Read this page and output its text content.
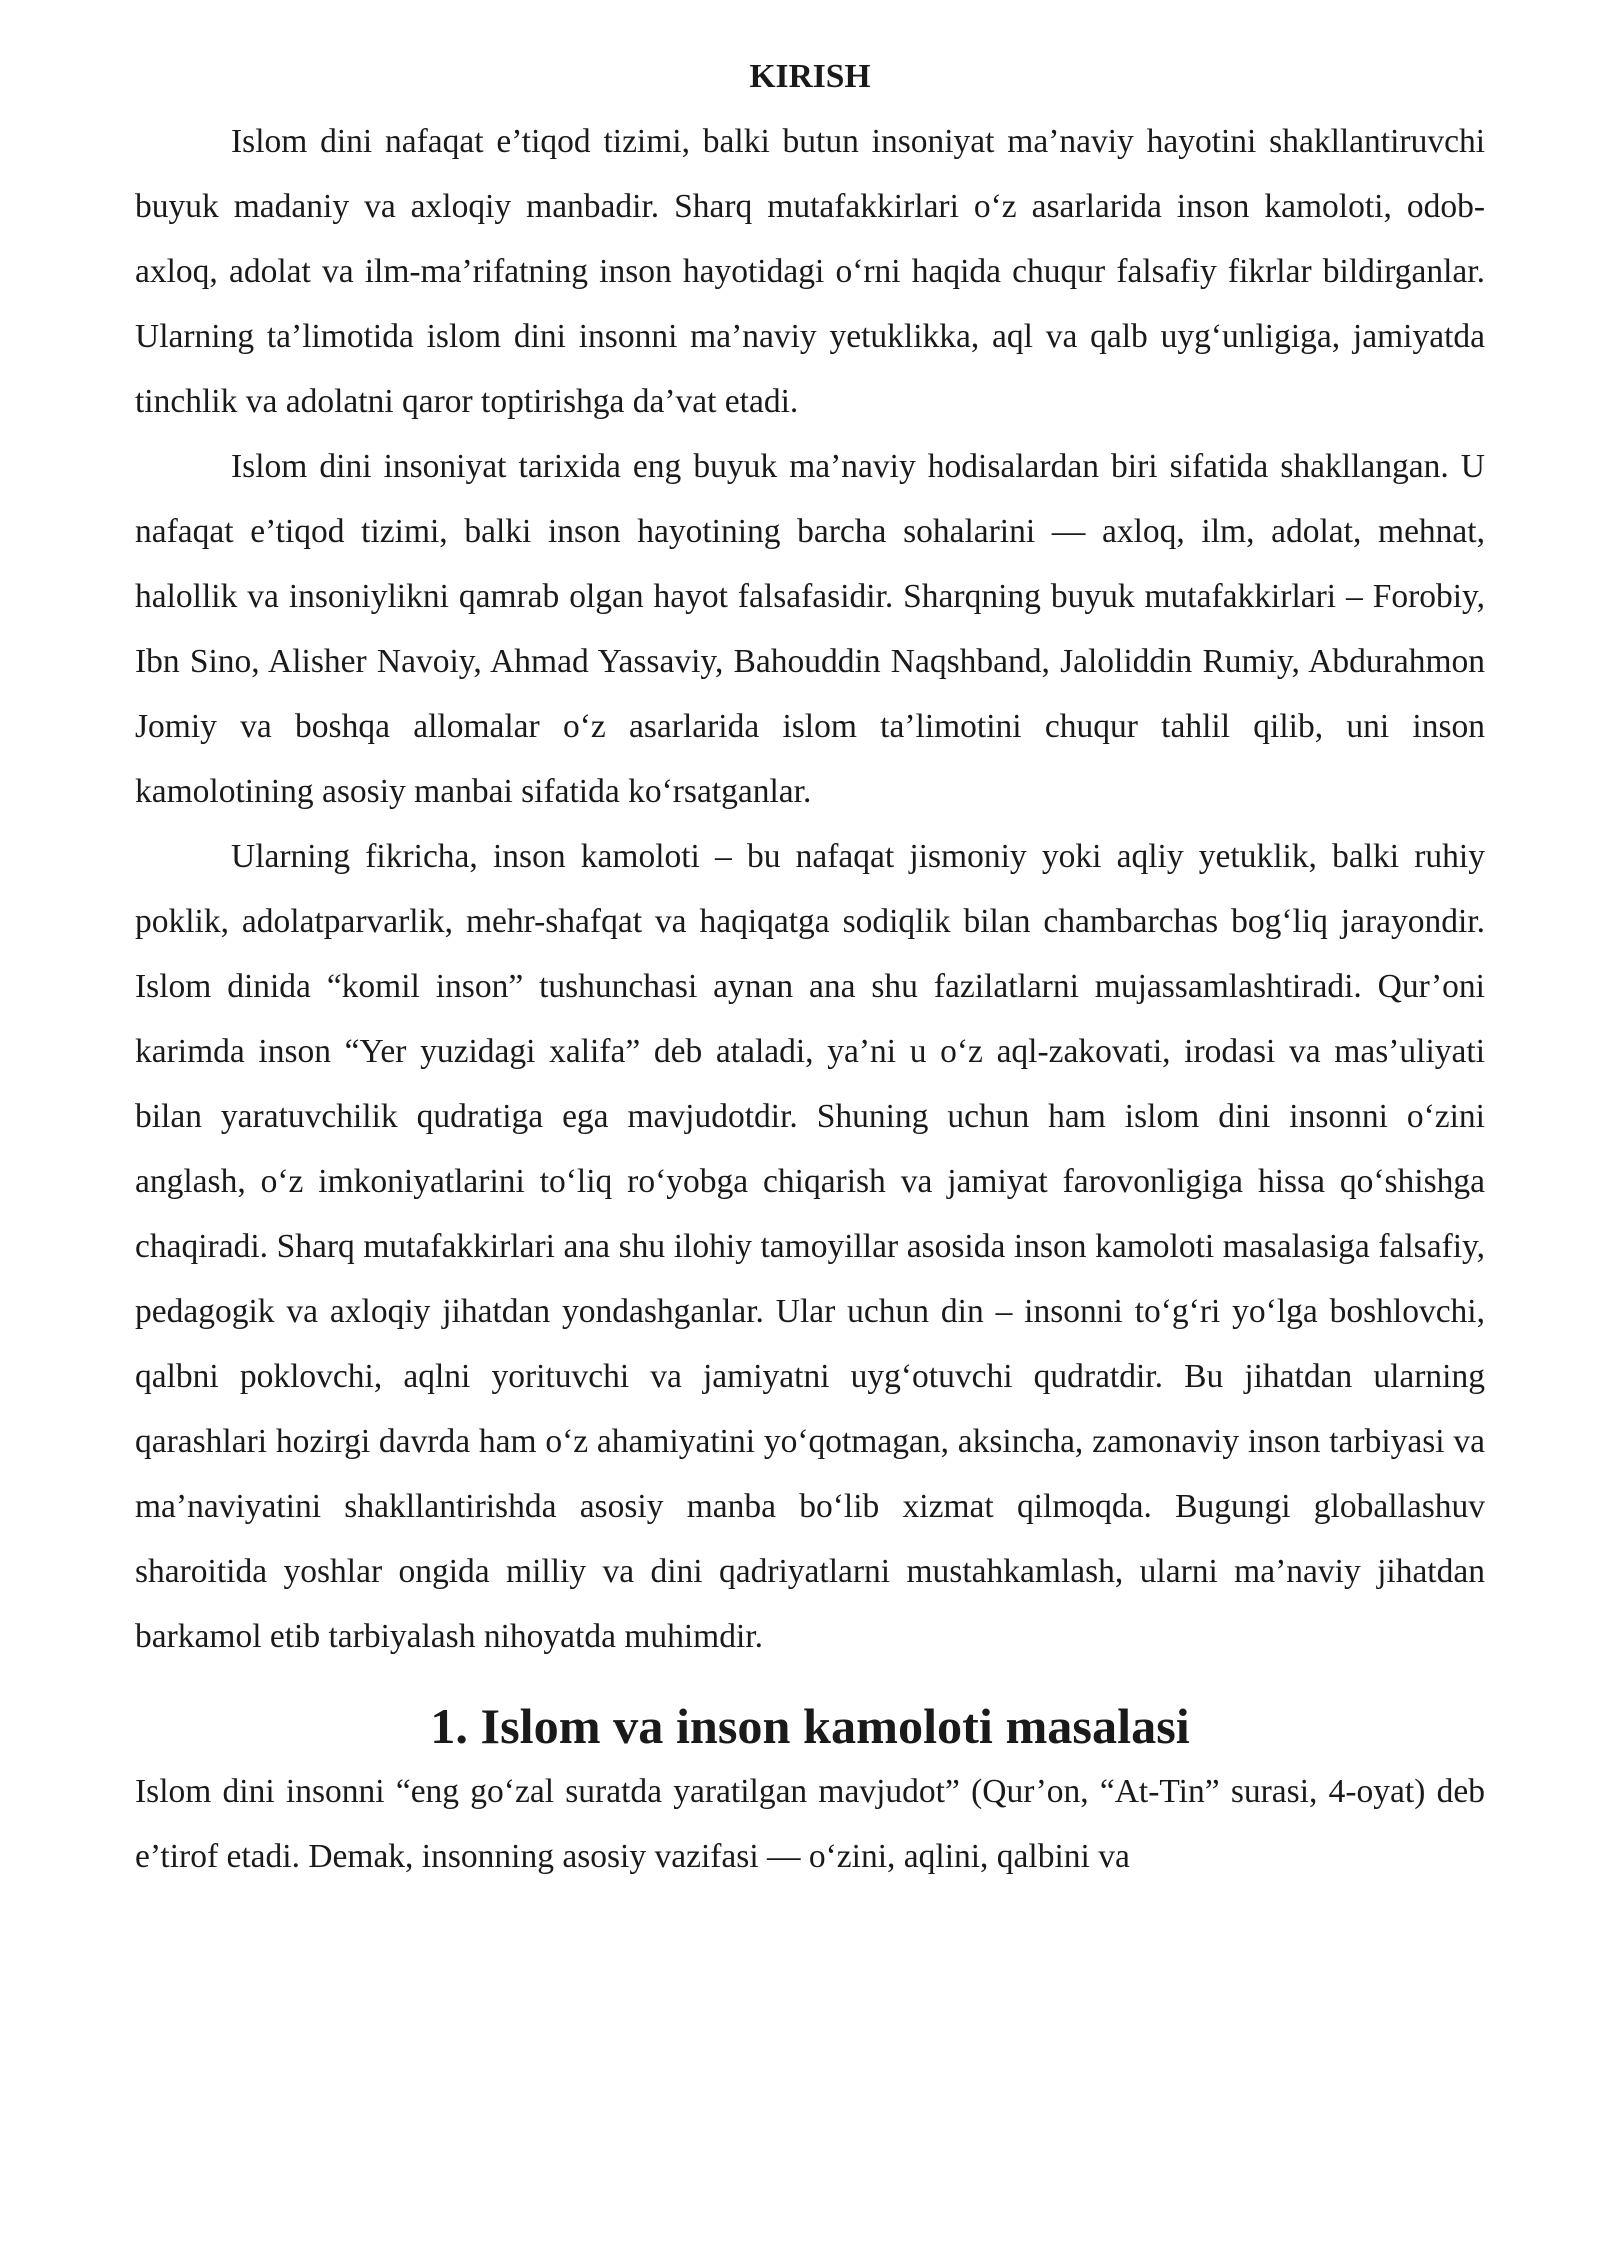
KIRISH

Islom dini nafaqat e’tiqod tizimi, balki butun insoniyat ma’naviy hayotini shakllantiruvchi buyuk madaniy va axloqiy manbadir. Sharq mutafakkirlari o‘z asarlarida inson kamoloti, odob-axloq, adolat va ilm-ma’rifatning inson hayotidagi o‘rni haqida chuqur falsafiy fikrlar bildirganlar. Ularning ta’limotida islom dini insonni ma’naviy yetuklikka, aql va qalb uyg‘unligiga, jamiyatda tinchlik va adolatni qaror toptirishga da’vat etadi.

Islom dini insoniyat tarixida eng buyuk ma’naviy hodisalardan biri sifatida shakllangan. U nafaqat e’tiqod tizimi, balki inson hayotining barcha sohalarini — axloq, ilm, adolat, mehnat, halollik va insoniylikni qamrab olgan hayot falsafasidir. Sharqning buyuk mutafakkirlari – Forobiy, Ibn Sino, Alisher Navoiy, Ahmad Yassaviy, Bahouddin Naqshband, Jaloliddin Rumiy, Abdurahmon Jomiy va boshqa allomalar o‘z asarlarida islom ta’limotini chuqur tahlil qilib, uni inson kamolotining asosiy manbai sifatida ko‘rsatganlar.

Ularning fikricha, inson kamoloti – bu nafaqat jismoniy yoki aqliy yetuklik, balki ruhiy poklik, adolatparvarlik, mehr-shafqat va haqiqatga sodiqlik bilan chambarchas bog‘liq jarayondir. Islom dinida “komil inson” tushunchasi aynan ana shu fazilatlarni mujassamlashtiradi. Qur’oni karimda inson “Yer yuzidagi xalifa” deb ataladi, ya’ni u o‘z aql-zakovati, irodasi va mas’uliyati bilan yaratuvchilik qudratiga ega mavjudotdir. Shuning uchun ham islom dini insonni o‘zini anglash, o‘z imkoniyatlarini to‘liq ro‘yobga chiqarish va jamiyat farovonligiga hissa qo‘shishga chaqiradi. Sharq mutafakkirlari ana shu ilohiy tamoyillar asosida inson kamoloti masalasiga falsafiy, pedagogik va axloqiy jihatdan yondashganlar. Ular uchun din – insonni to‘g‘ri yo‘lga boshlovchi, qalbni poklovchi, aqlni yorituvchi va jamiyatni uyg‘otuvchi qudratdir. Bu jihatdan ularning qarashlari hozirgi davrda ham o‘z ahamiyatini yo‘qotmagan, aksincha, zamonaviy inson tarbiyasi va ma’naviyatini shakllantirishda asosiy manba bo‘lib xizmat qilmoqda. Bugungi globallashuv sharoitida yoshlar ongida milliy va dini qadriyatlarni mustahkamlash, ularni ma’naviy jihatdan barkamol etib tarbiyalash nihoyatda muhimdir.

1. Islom va inson kamoloti masalasi

Islom dini insonni “eng go‘zal suratda yaratilgan mavjudot” (Qur’on, “At-Tin” surasi, 4-oyat) deb e’tirof etadi. Demak, insonning asosiy vazifasi — o‘zini, aqlini, qalbini va
